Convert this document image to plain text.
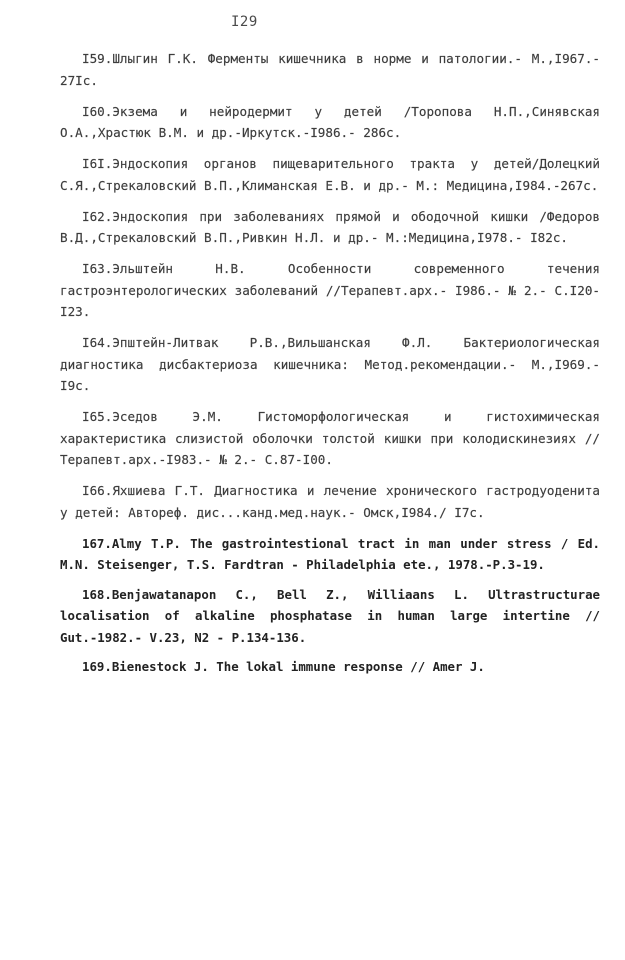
I29

I59.Шлыгин Г.К. Ферменты кишечника в норме и патологии.- М.,I967.- 27Iс.

I60.Экзема и нейродермит у детей /Торопова Н.П.,Синявская О.А.,Храстюк В.М. и др.-Иркутск.-I986.- 286с.

I6I.Эндоскопия органов пищеварительного тракта у детей/Долецкий С.Я.,Стрекаловский В.П.,Климанская Е.В. и др.- М.: Медицина,I984.-267с.

I62.Эндоскопия при заболеваниях прямой и ободочной кишки /Федоров В.Д.,Стрекаловский В.П.,Ривкин Н.Л. и др.- М.:Медицина,I978.- I82с.

I63.Эльштейн Н.В. Особенности современного течения гастроэнтерологических заболеваний //Терапевт.арх.- I986.- № 2.- С.I20-I23.

I64.Эпштейн-Литвак Р.В.,Вильшанская Ф.Л. Бактериологическая диагностика дисбактериоза кишечника: Метод.рекомендации.- М.,I969.- I9с.

I65.Эседов Э.М. Гистоморфологическая и гистохимическая характеристика слизистой оболочки толстой кишки при колодискинезиях //Терапевт.арх.-I983.- № 2.- С.87-I00.

I66.Яхшиева Г.Т. Диагностика и лечение хронического гастродуоденита у детей: Автореф. дис...канд.мед.наук.- Омск,I984./ I7с.

167.Almy T.P. The gastrointestional tract in man under stress / Ed. M.N. Steisenger, T.S. Fardtran - Philadelphia ete., 1978.-P.3-19.

168.Benjawatanapon C., Bell Z., Williaans L. Ultrastructurae localisation of alkaline phosphatase in human large intertine // Gut.-1982.- V.23, N2 - P.134-136.

169.Bienestock J. The lokal immune response // Amer J.
